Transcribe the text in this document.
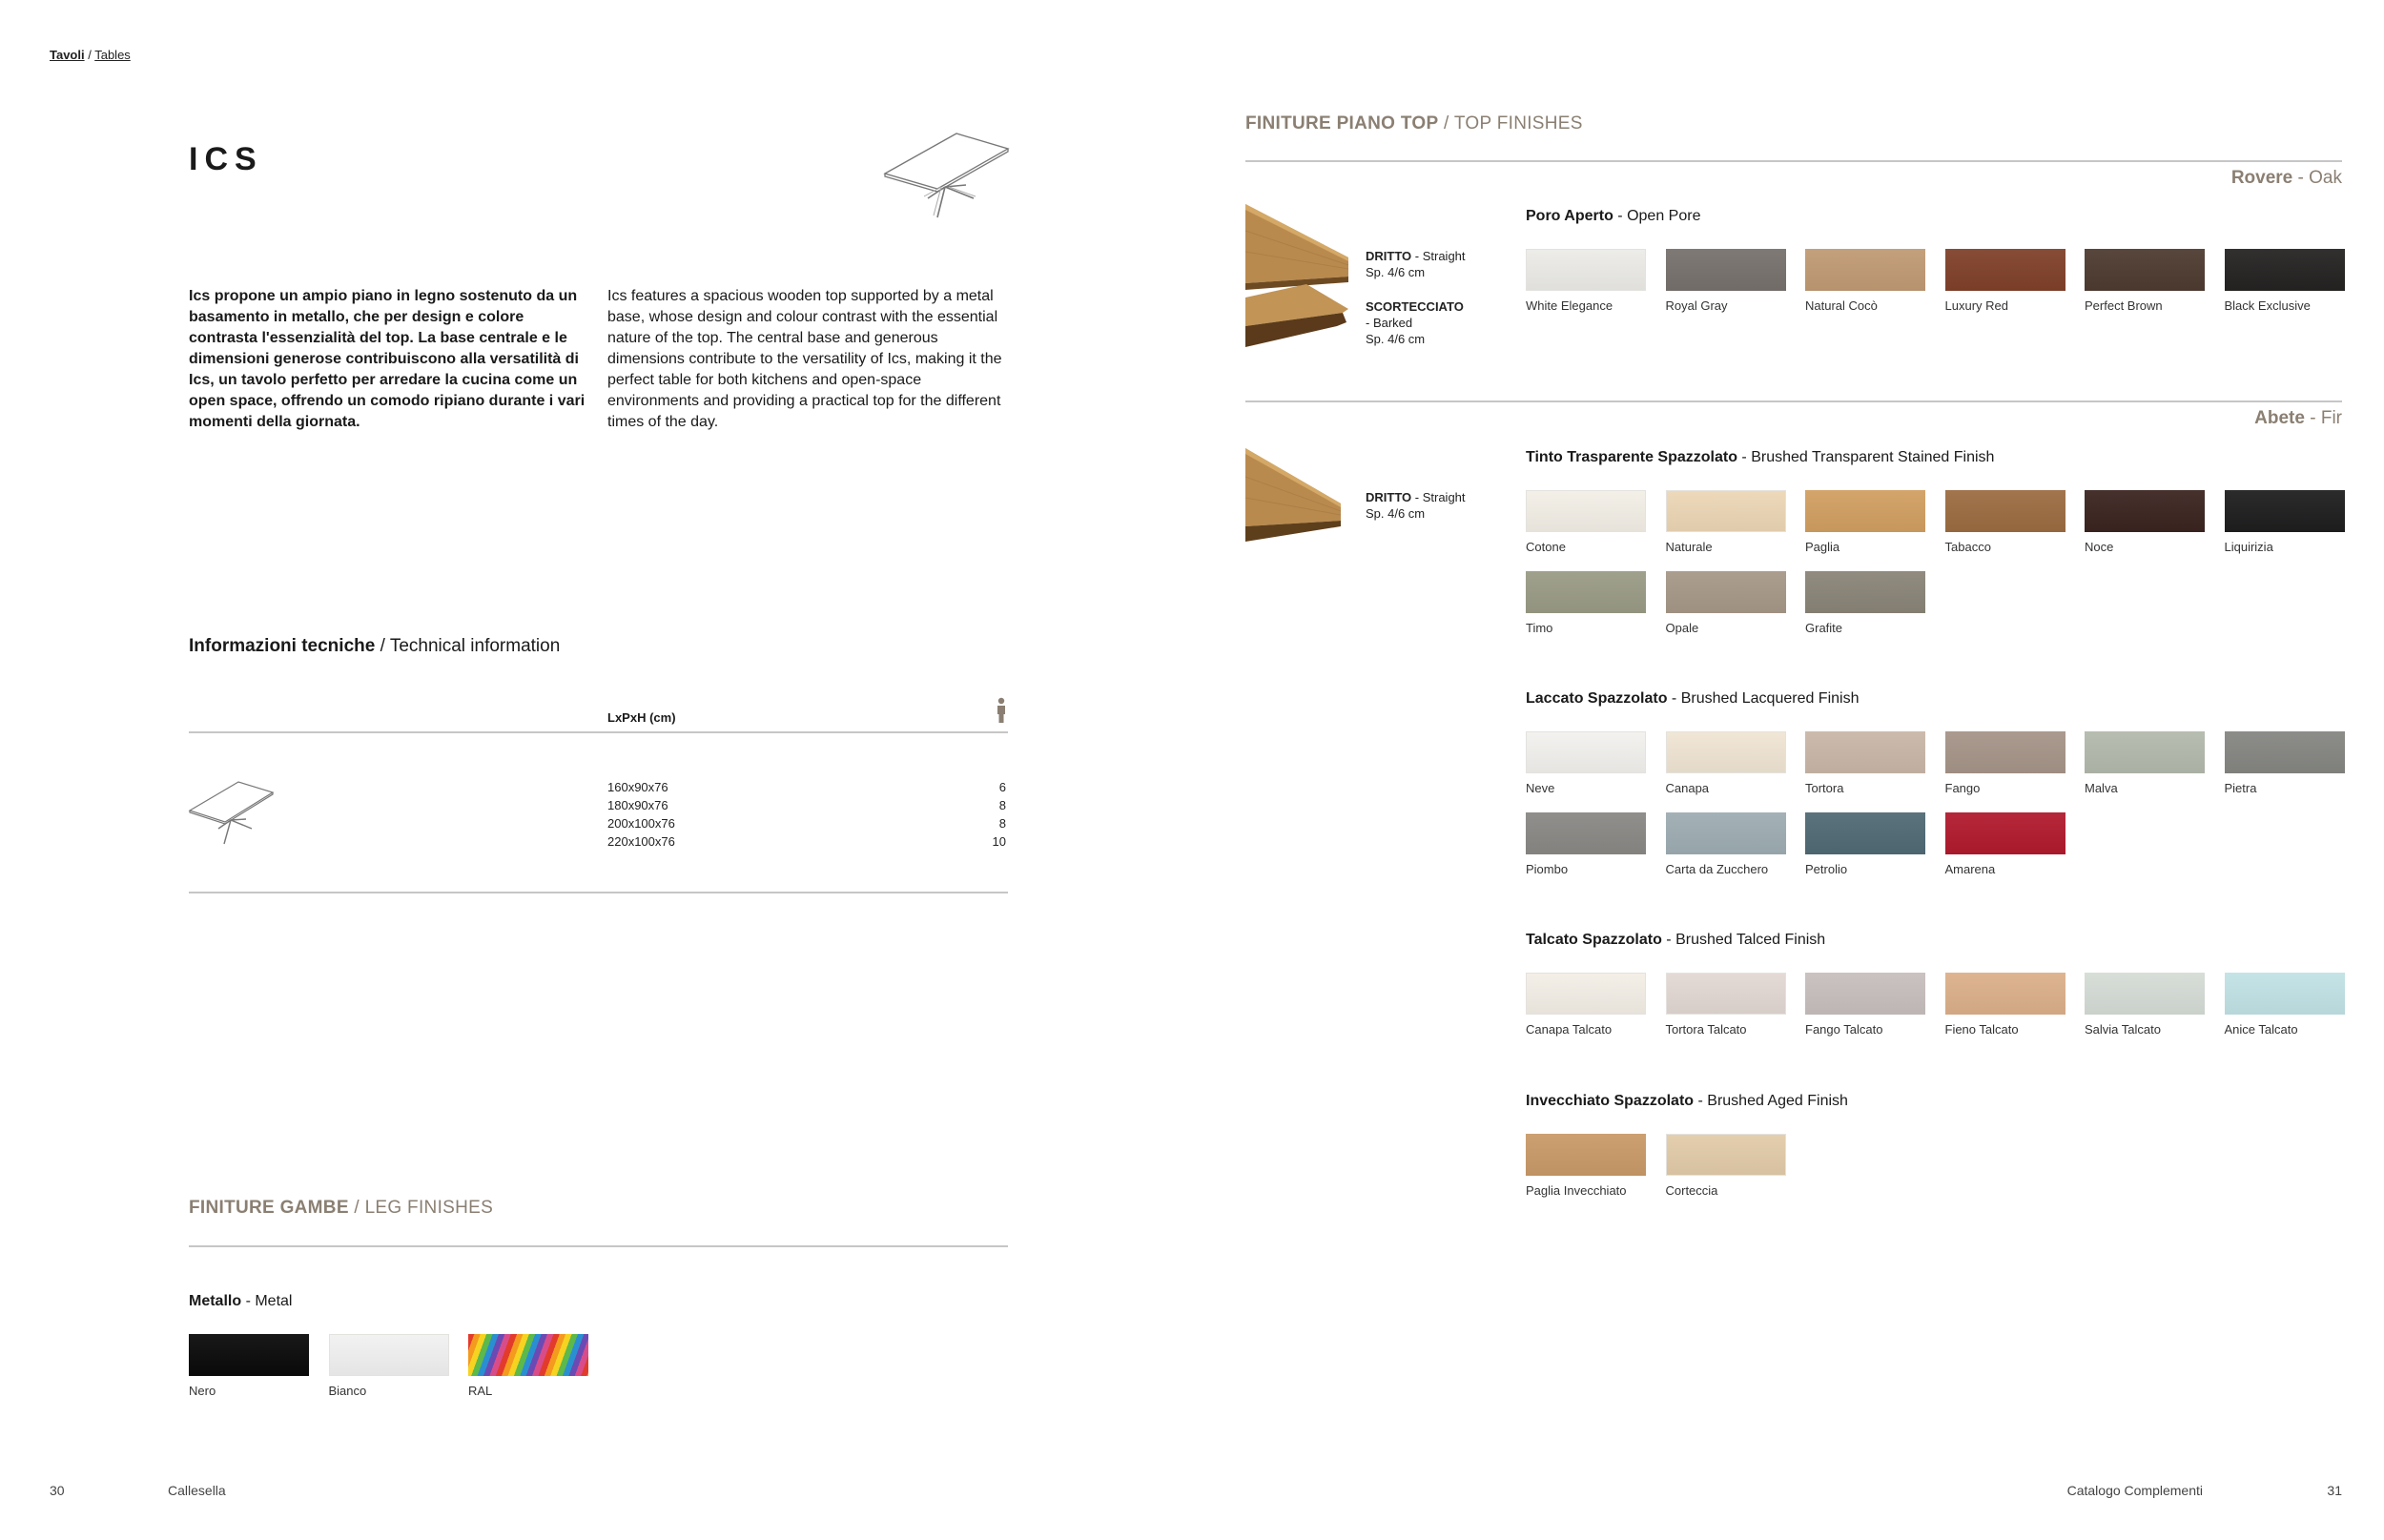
Tavoli / Tables
ICS

Ics propone un ampio piano in legno sostenuto da un basamento in metallo, che per design e colore contrasta l'essenzialità del top. La base centrale e le dimensioni generose contribuiscono alla versatilità di Ics, un tavolo perfetto per arredare la cucina come un open space, offrendo un comodo ripiano durante i vari momenti della giornata.

Ics features a spacious wooden top supported by a metal base, whose design and colour contrast with the essential nature of the top. The central base and generous dimensions contribute to the versatility of Ics, making it the perfect table for both kitchens and open-space environments and providing a practical top for the different times of the day.

Informazioni tecniche / Technical information
LxPxH (cm)
160x90x76	6
180x90x76	8
200x100x76	8
220x100x76	10
FINITURE GAMBE / LEG FINISHES
Metallo - Metal
Nero	Bianco	RAL
FINITURE PIANO TOP / TOP FINISHES
Rovere - Oak
DRITTO - Straight
Sp. 4/6 cm
SCORTECCIATO
- Barked
Sp. 4/6 cm
Poro Aperto - Open Pore
White Elegance	Royal Gray	Natural Cocò	Luxury Red	Perfect Brown	Black Exclusive
Abete - Fir
DRITTO - Straight
Sp. 4/6 cm
Tinto Trasparente Spazzolato - Brushed Transparent Stained Finish
Cotone	Naturale	Paglia	Tabacco	Noce	Liquirizia
Timo	Opale	Grafite
Laccato Spazzolato - Brushed Lacquered Finish
Neve	Canapa	Tortora	Fango	Malva	Pietra
Piombo	Carta da Zucchero	Petrolio	Amarena
Talcato Spazzolato - Brushed Talced Finish
Canapa Talcato	Tortora Talcato	Fango Talcato	Fieno Talcato	Salvia Talcato	Anice Talcato
Invecchiato Spazzolato - Brushed Aged Finish
Paglia Invecchiato	Corteccia
30	Callesella	Catalogo Complementi	31
